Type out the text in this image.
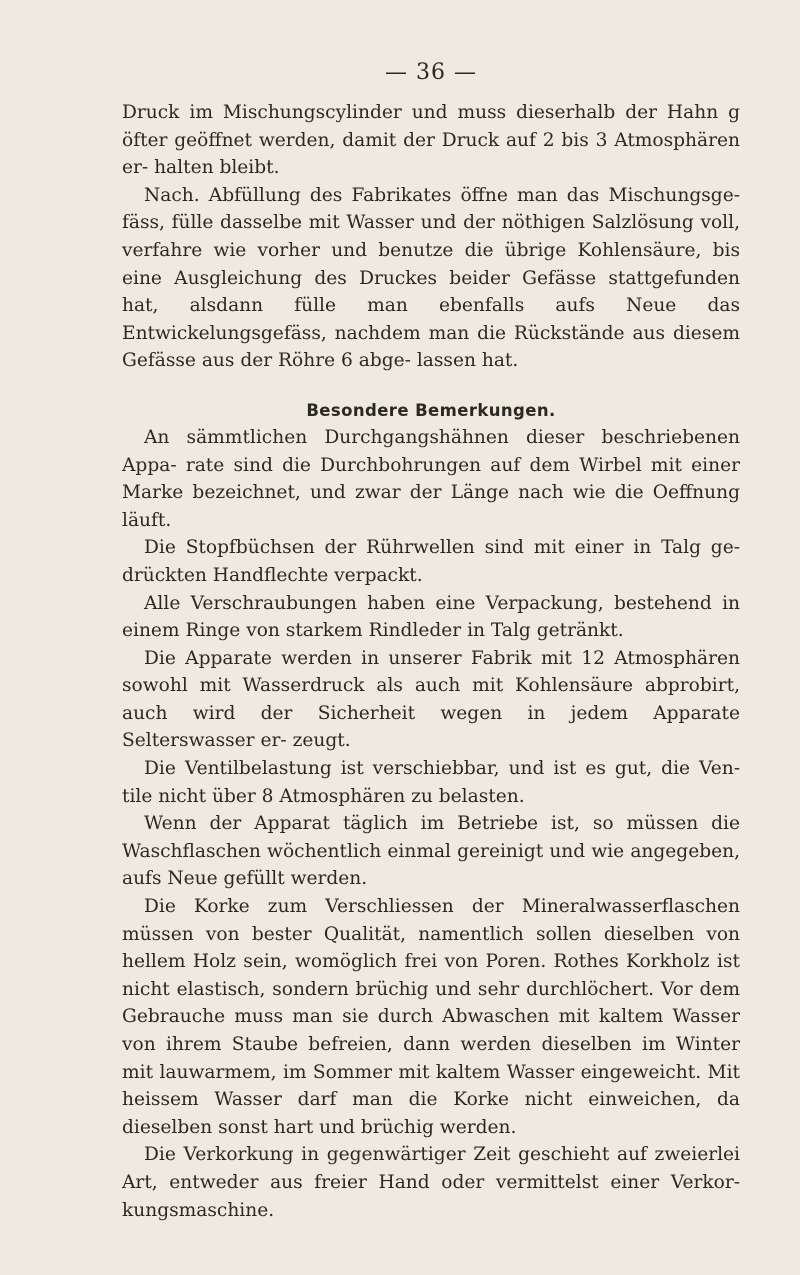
— 36 —

Druck im Mischungscylinder und muss dieserhalb der Hahn g öfter geöffnet werden, damit der Druck auf 2 bis 3 Atmosphären er- halten bleibt.

Nach. Abfüllung des Fabrikates öffne man das Mischungsge- fäss, fülle dasselbe mit Wasser und der nöthigen Salzlösung voll, verfahre wie vorher und benutze die übrige Kohlensäure, bis eine Ausgleichung des Druckes beider Gefässe stattgefunden hat, alsdann fülle man ebenfalls aufs Neue das Entwickelungsgefäss, nachdem man die Rückstände aus diesem Gefässe aus der Röhre 6 abge- lassen hat.

Besondere Bemerkungen.

An sämmtlichen Durchgangshähnen dieser beschriebenen Appa- rate sind die Durchbohrungen auf dem Wirbel mit einer Marke bezeichnet, und zwar der Länge nach wie die Oeffnung läuft.

Die Stopfbüchsen der Rührwellen sind mit einer in Talg ge- drückten Handflechte verpackt.

Alle Verschraubungen haben eine Verpackung, bestehend in einem Ringe von starkem Rindleder in Talg getränkt.

Die Apparate werden in unserer Fabrik mit 12 Atmosphären sowohl mit Wasserdruck als auch mit Kohlensäure abprobirt, auch wird der Sicherheit wegen in jedem Apparate Selterswasser er- zeugt.

Die Ventilbelastung ist verschiebbar, und ist es gut, die Ven- tile nicht über 8 Atmosphären zu belasten.

Wenn der Apparat täglich im Betriebe ist, so müssen die Waschflaschen wöchentlich einmal gereinigt und wie angegeben, aufs Neue gefüllt werden.

Die Korke zum Verschliessen der Mineralwasserflaschen müssen von bester Qualität, namentlich sollen dieselben von hellem Holz sein, womöglich frei von Poren. Rothes Korkholz ist nicht elastisch, sondern brüchig und sehr durchlöchert. Vor dem Gebrauche muss man sie durch Abwaschen mit kaltem Wasser von ihrem Staube befreien, dann werden dieselben im Winter mit lauwarmem, im Sommer mit kaltem Wasser eingeweicht. Mit heissem Wasser darf man die Korke nicht einweichen, da dieselben sonst hart und brüchig werden.

Die Verkorkung in gegenwärtiger Zeit geschieht auf zweierlei Art, entweder aus freier Hand oder vermittelst einer Verkor- kungsmaschine.
